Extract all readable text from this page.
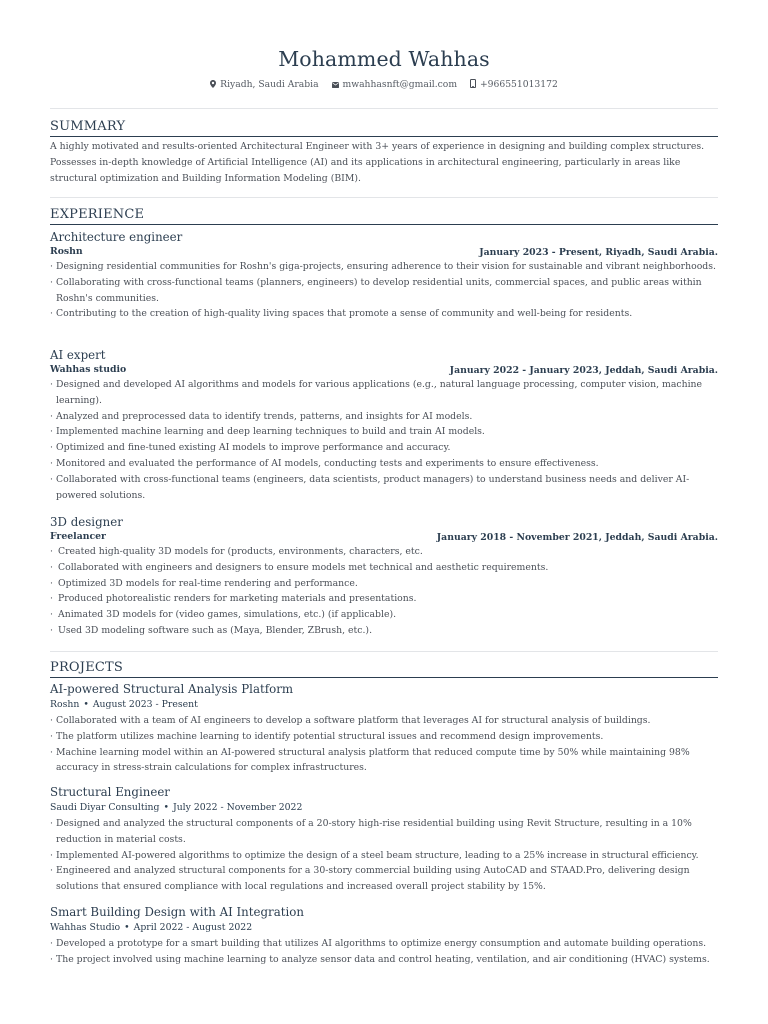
Mohammed Wahhas
Riyadh, Saudi Arabia	mwahhasnft@gmail.com +966551013172
SUMMARY
A highly motivated and results-oriented Architectural Engineer with 3+ years of experience in designing and building complex structures. Possesses in-depth knowledge of Artificial Intelligence (AI) and its applications in architectural engineering, particularly in areas like structural optimization and Building Information Modeling (BIM).
EXPERIENCE
Architecture engineer
Roshn	January 2023 - Present, Riyadh, Saudi Arabia.
· Designing residential communities for Roshn's giga-projects, ensuring adherence to their vision for sustainable and vibrant neighborhoods.
· Collaborating with cross-functional teams (planners, engineers) to develop residential units, commercial spaces, and public areas within Roshn's communities.
· Contributing to the creation of high-quality living spaces that promote a sense of community and well-being for residents.
AI expert
Wahhas studio	January 2022 - January 2023, Jeddah, Saudi Arabia.
· Designed and developed AI algorithms and models for various applications (e.g., natural language processing, computer vision, machine learning).
· Analyzed and preprocessed data to identify trends, patterns, and insights for AI models.
· Implemented machine learning and deep learning techniques to build and train AI models.
· Optimized and fine-tuned existing AI models to improve performance and accuracy.
· Monitored and evaluated the performance of AI models, conducting tests and experiments to ensure effectiveness.
· Collaborated with cross-functional teams (engineers, data scientists, product managers) to understand business needs and deliver AI-powered solutions.
3D designer
Freelancer	January 2018 - November 2021, Jeddah, Saudi Arabia.
· Created high-quality 3D models for (products, environments, characters, etc.
· Collaborated with engineers and designers to ensure models met technical and aesthetic requirements.
· Optimized 3D models for real-time rendering and performance.
· Produced photorealistic renders for marketing materials and presentations.
· Animated 3D models for (video games, simulations, etc.) (if applicable).
· Used 3D modeling software such as (Maya, Blender, ZBrush, etc.).
PROJECTS
AI-powered Structural Analysis Platform
Roshn • August 2023 - Present
· Collaborated with a team of AI engineers to develop a software platform that leverages AI for structural analysis of buildings.
· The platform utilizes machine learning to identify potential structural issues and recommend design improvements.
· Machine learning model within an AI-powered structural analysis platform that reduced compute time by 50% while maintaining 98% accuracy in stress-strain calculations for complex infrastructures.
Structural Engineer
Saudi Diyar Consulting • July 2022 - November 2022
· Designed and analyzed the structural components of a 20-story high-rise residential building using Revit Structure, resulting in a 10% reduction in material costs.
· Implemented AI-powered algorithms to optimize the design of a steel beam structure, leading to a 25% increase in structural efficiency.
· Engineered and analyzed structural components for a 30-story commercial building using AutoCAD and STAAD.Pro, delivering design solutions that ensured compliance with local regulations and increased overall project stability by 15%.
Smart Building Design with AI Integration
Wahhas Studio • April 2022 - August 2022
· Developed a prototype for a smart building that utilizes AI algorithms to optimize energy consumption and automate building operations.
· The project involved using machine learning to analyze sensor data and control heating, ventilation, and air conditioning (HVAC) systems.
